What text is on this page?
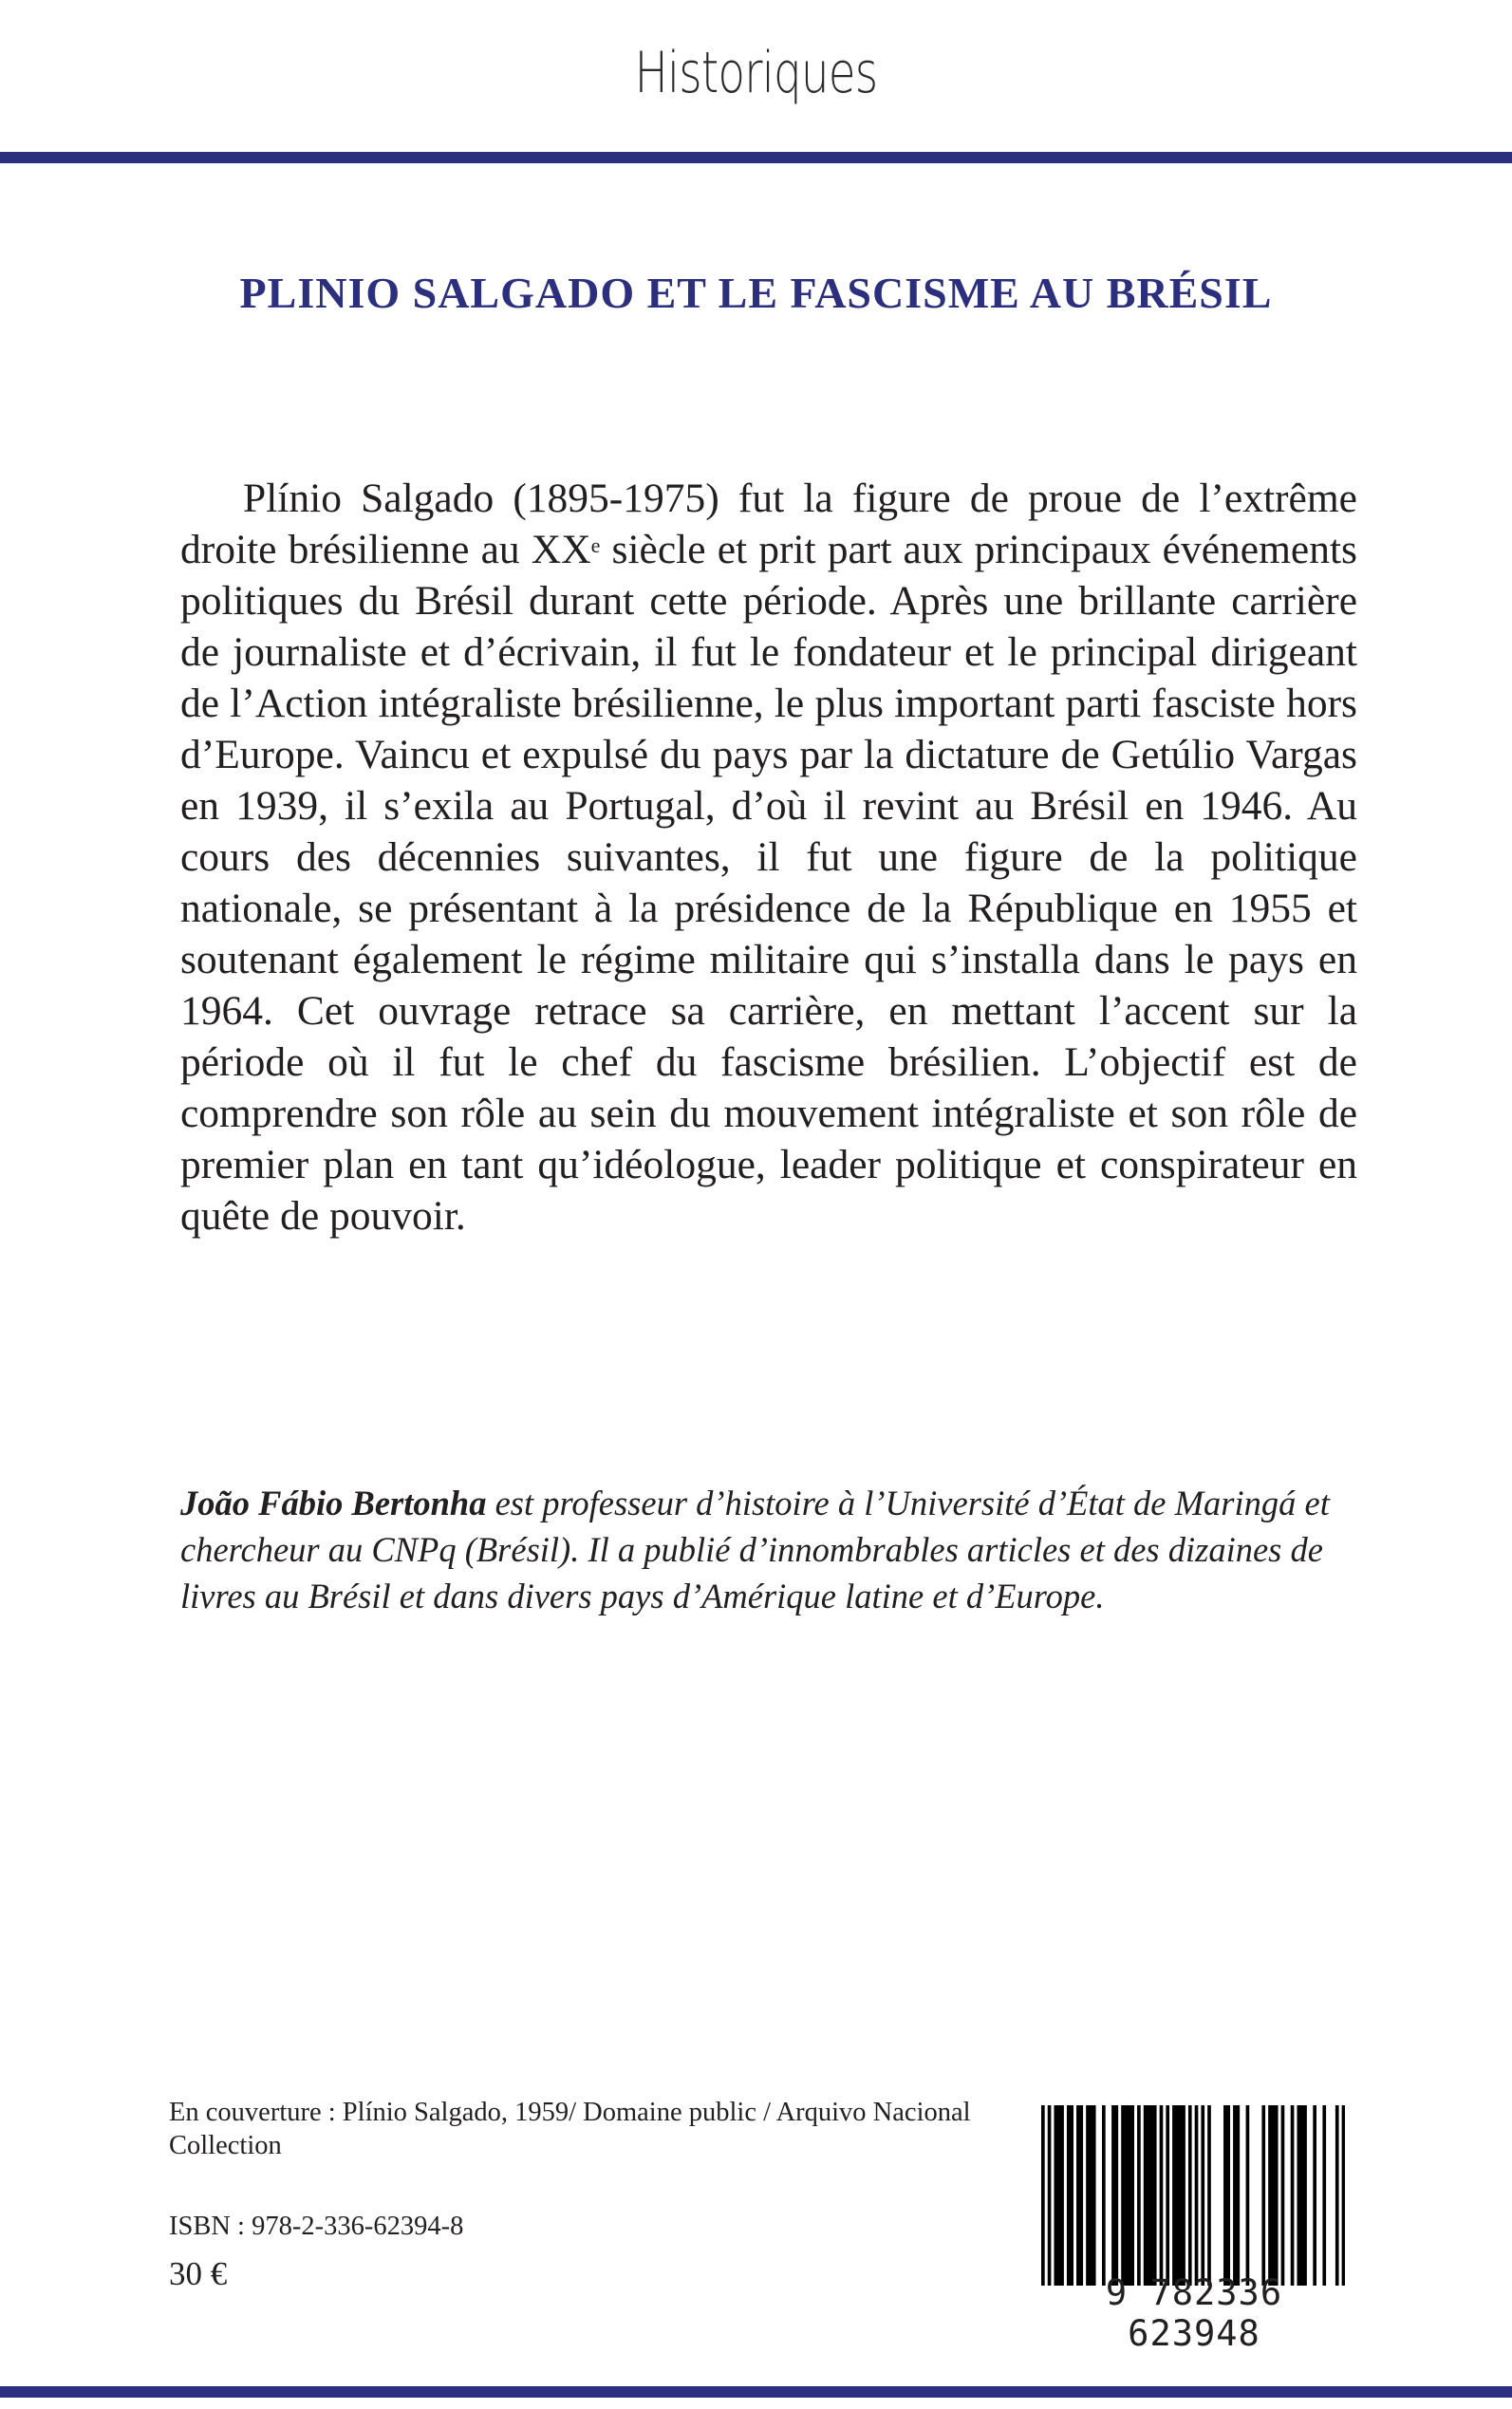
Historiques
PLINIO SALGADO ET LE FASCISME AU BRÉSIL

Plínio Salgado (1895-1975) fut la figure de proue de l’extrême droite brésilienne au XXe siècle et prit part aux principaux événements politiques du Brésil durant cette période. Après une brillante carrière de journaliste et d’écrivain, il fut le fondateur et le principal dirigeant de l’Action intégraliste brésilienne, le plus important parti fasciste hors d’Europe. Vaincu et expulsé du pays par la dictature de Getúlio Vargas en 1939, il s’exila au Portugal, d’où il revint au Brésil en 1946. Au cours des décennies suivantes, il fut une figure de la politique nationale, se présentant à la présidence de la République en 1955 et soutenant également le régime militaire qui s’installa dans le pays en 1964. Cet ouvrage retrace sa carrière, en mettant l’accent sur la période où il fut le chef du fascisme brésilien. L’objectif est de comprendre son rôle au sein du mouvement intégraliste et son rôle de premier plan en tant qu’idéologue, leader politique et conspirateur en quête de pouvoir.

João Fábio Bertonha est professeur d’histoire à l’Université d’État de Maringá et chercheur au CNPq (Brésil). Il a publié d’innombrables articles et des dizaines de livres au Brésil et dans divers pays d’Amérique latine et d’Europe.

En couverture : Plínio Salgado, 1959/ Domaine public / Arquivo Nacional Collection

ISBN : 978-2-336-62394-8
30 €	9 782336 623948
